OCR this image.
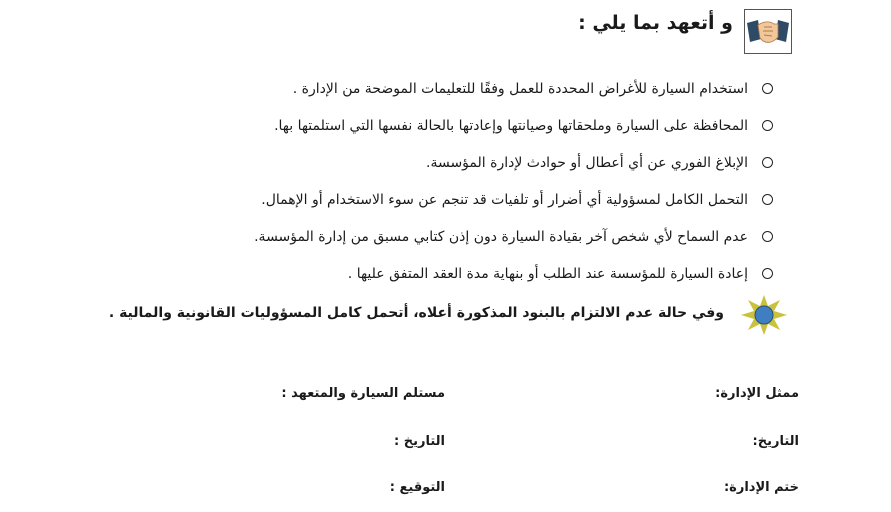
و أتعهد بما يلي :
استخدام السيارة للأغراض المحددة للعمل وفقًا للتعليمات الموضحة من الإدارة .
المحافظة على السيارة وملحقاتها وصيانتها وإعادتها بالحالة نفسها التي استلمتها بها.
الإبلاغ الفوري عن أي أعطال أو حوادث لإدارة المؤسسة.
التحمل الكامل لمسؤولية أي أضرار أو تلفيات قد تنجم عن سوء الاستخدام أو الإهمال.
عدم السماح لأي شخص آخر بقيادة السيارة دون إذن كتابي مسبق من إدارة المؤسسة.
إعادة السيارة للمؤسسة عند الطلب أو بنهاية مدة العقد المتفق عليها .
وفي حالة عدم الالتزام بالبنود المذكورة أعلاه، أتحمل كامل المسؤوليات القانونية والمالية .
ممثل الإدارة:
مستلم السيارة والمتعهد :
التاريخ:
التاريخ :
ختم الإدارة:
التوقيع :
